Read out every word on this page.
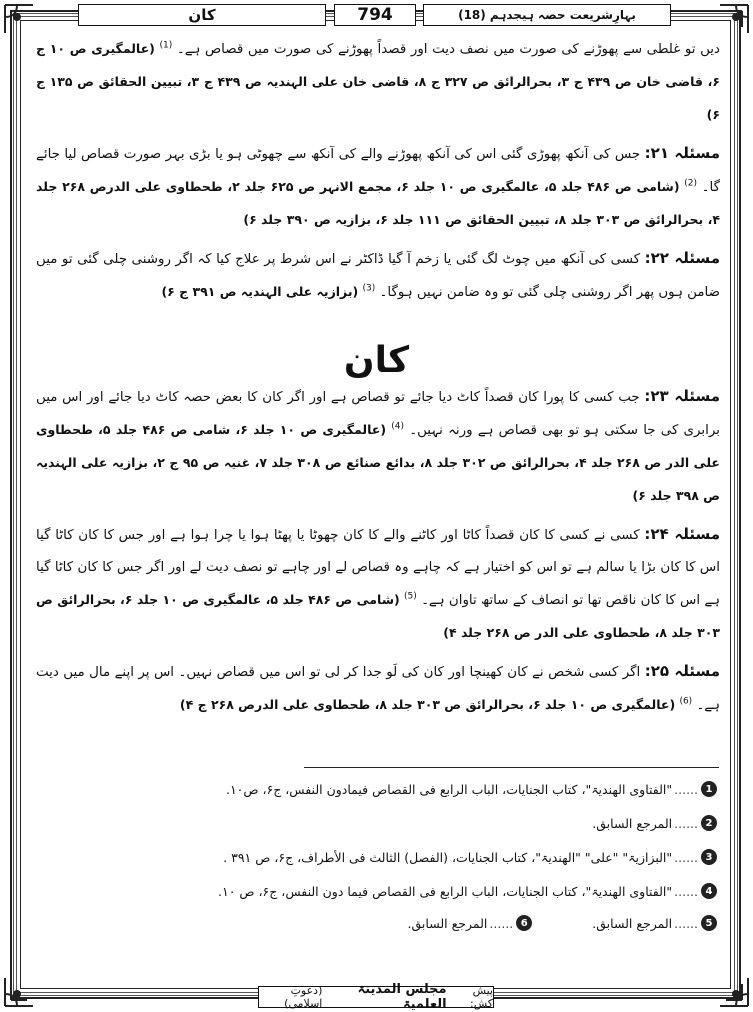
کان	794	بہارِشریعت حصہ ہیجدہم (18)

دیں تو غلطی سے پھوڑنے کی صورت میں نصف دیت اور قصداً پھوڑنے کی صورت میں قصاص ہے۔ $^{(1)}$ (عالمگیری ص ۱۰ ج ۶، قاضی خان ص ۴۳۹ ج ۳، بحرالرائق ص ۳۲۷ ج ۸، قاضی خان علی الہندیہ ص ۴۳۹ ج ۳، تبیین الحقائق ص ۱۳۵ ج ۶)

مسئلہ ۲۱: جس کی آنکھ پھوڑی گئی اس کی آنکھ پھوڑنے والے کی آنکھ سے چھوٹی ہو یا بڑی بہر صورت قصاص لیا جائے گا۔ $^{(2)}$ (شامی ص ۴۸۶ جلد ۵، عالمگیری ص ۱۰ جلد ۶، مجمع الانہر ص ۶۲۵ جلد ۲، طحطاوی علی الدرص ۲۶۸ جلد ۴، بحرالرائق ص ۳۰۳ جلد ۸، تبیین الحقائق ص ۱۱۱ جلد ۶، بزازیہ ص ۳۹۰ جلد ۶)

مسئلہ ۲۲: کسی کی آنکھ میں چوٹ لگ گئی یا زخم آ گیا ڈاکٹر نے اس شرط پر علاج کیا کہ اگر روشنی چلی گئی تو میں ضامن ہوں پھر اگر روشنی چلی گئی تو وہ ضامن نہیں ہوگا۔ $^{(3)}$ (بزازیہ علی الہندیہ ص ۳۹۱ ج ۶)

کان

مسئلہ ۲۳: جب کسی کا پورا کان قصداً کاٹ دیا جائے تو قصاص ہے اور اگر کان کا بعض حصہ کاٹ دیا جائے اور اس میں برابری کی جا سکتی ہو تو بھی قصاص ہے ورنہ نہیں۔ $^{(4)}$ (عالمگیری ص ۱۰ جلد ۶، شامی ص ۴۸۶ جلد ۵، طحطاوی علی الدر ص ۲۶۸ جلد ۴، بحرالرائق ص ۳۰۲ جلد ۸، بدائع صنائع ص ۳۰۸ جلد ۷، غنیہ ص ۹۵ ج ۲، بزازیہ علی الہندیہ ص ۳۹۸ جلد ۶)

مسئلہ ۲۴: کسی نے کسی کا کان قصداً کاٹا اور کاٹنے والے کا کان چھوٹا یا پھٹا ہوا یا چرا ہوا ہے اور جس کا کان کاٹا گیا اس کا کان بڑا یا سالم ہے تو اس کو اختیار ہے کہ چاہے وہ قصاص لے اور چاہے تو نصف دیت لے اور اگر جس کا کان کاٹا گیا ہے اس کا کان ناقص تھا تو انصاف کے ساتھ تاوان ہے۔ $^{(5)}$ (شامی ص ۴۸۶ جلد ۵، عالمگیری ص ۱۰ جلد ۶، بحرالرائق ص ۳۰۳ جلد ۸، طحطاوی علی الدر ص ۲۶۸ جلد ۴)

مسئلہ ۲۵: اگر کسی شخص نے کان کھینچا اور کان کی لَو جدا کر لی تو اس میں قصاص نہیں۔ اس پر اپنے مال میں دیت ہے۔ $^{(6)}$ (عالمگیری ص ۱۰ جلد ۶، بحرالرائق ص ۳۰۳ جلد ۸، طحطاوی علی الدرص ۲۶۸ ج ۴)

1
......
"الفتاوی الھندیۃ"، کتاب الجنایات، الباب الرابع فی القصاص فیمادون النفس، ج۶، ص۱۰.
2
......
المرجع السابق.
3
......
"البزازیۃ" "علی" "الھندیۃ"، کتاب الجنایات، (الفصل) الثالث فی الأطراف، ج۶، ص ۳۹۱ .
4
......
"الفتاوی الھندیۃ"، کتاب الجنایات، الباب الرابع فی القصاص فیما دون النفس، ج۶، ص ۱۰.
5
......
المرجع السابق.
6
......
المرجع السابق.
پیش کش:
مجلس المدینۃ العلمیۃ
(دعوتِ اسلامی)
